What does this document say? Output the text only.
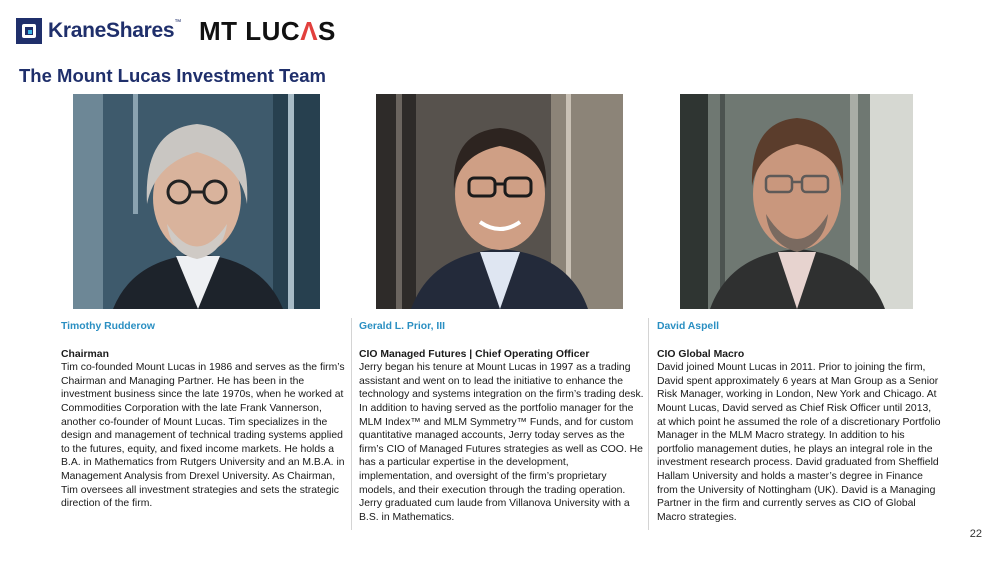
KraneShares™ MT LUCΛS
The Mount Lucas Investment Team

Timothy Rudderow

Chairman

Tim co-founded Mount Lucas in 1986 and serves as the firm’s Chairman and Managing Partner. He has been in the investment business since the late 1970s, when he worked at Commodities Corporation with the late Frank Vannerson, another co-founder of Mount Lucas. Tim specializes in the design and management of technical trading systems applied to the futures, equity, and fixed income markets. He holds a B.A. in Mathematics from Rutgers University and an M.B.A. in Management Analysis from Drexel University. As Chairman, Tim oversees all investment strategies and sets the strategic direction of the firm.

Gerald L. Prior, III

CIO Managed Futures | Chief Operating Officer

Jerry began his tenure at Mount Lucas in 1997 as a trading assistant and went on to lead the initiative to enhance the technology and systems integration on the firm’s trading desk. In addition to having served as the portfolio manager for the MLM Index™ and MLM Symmetry™ Funds, and for custom quantitative managed accounts, Jerry today serves as the firm’s CIO of Managed Futures strategies as well as COO. He has a particular expertise in the development, implementation, and oversight of the firm’s proprietary models, and their execution through the trading operation. Jerry graduated cum laude from Villanova University with a B.S. in Mathematics.

David Aspell

CIO Global Macro

David joined Mount Lucas in 2011. Prior to joining the firm, David spent approximately 6 years at Man Group as a Senior Risk Manager, working in London, New York and Chicago. At Mount Lucas, David served as Chief Risk Officer until 2013, at which point he assumed the role of a discretionary Portfolio Manager in the MLM Macro strategy. In addition to his portfolio management duties, he plays an integral role in the investment research process. David graduated from Sheffield Hallam University and holds a master’s degree in Finance from the University of Nottingham (UK). David is a Managing Partner in the firm and currently serves as CIO of Global Macro strategies.

22
